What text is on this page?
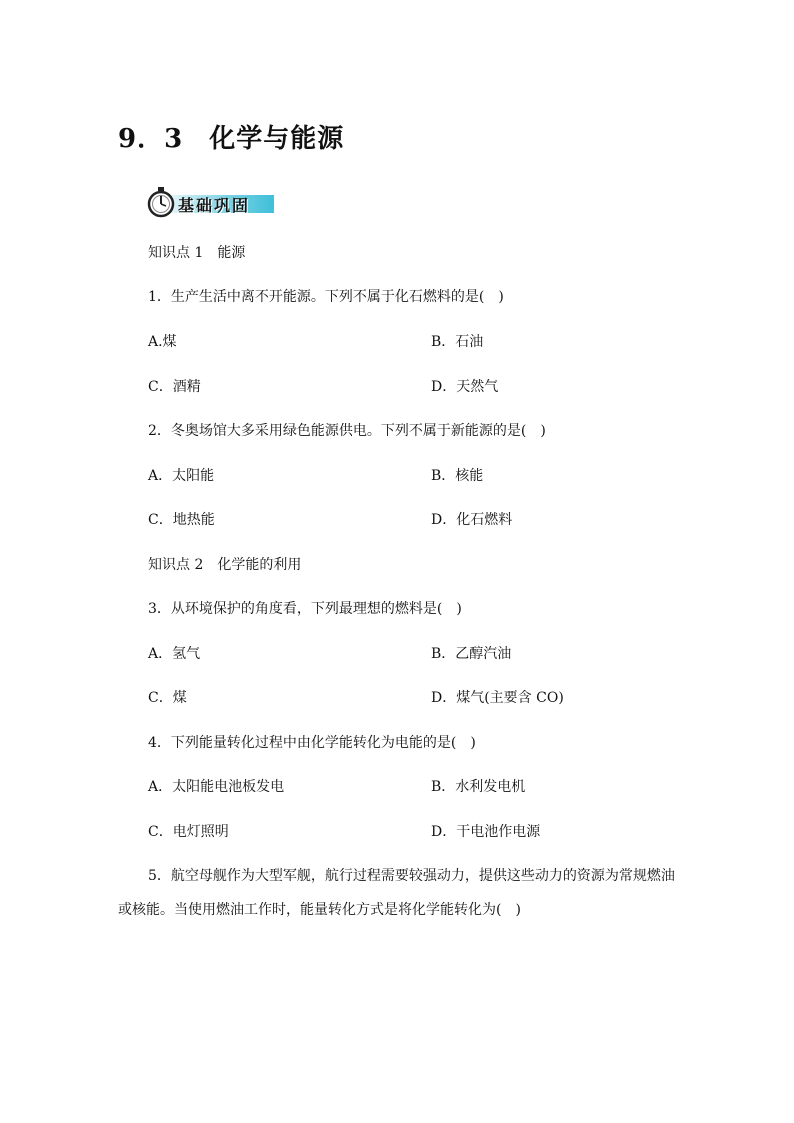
9．3 化学与能源
基础巩固
知识点 1　能源
1．生产生活中离不开能源。下列不属于化石燃料的是(　)
A.煤	B．石油
C．酒精	D．天然气
2．冬奥场馆大多采用绿色能源供电。下列不属于新能源的是(　)
A．太阳能	B．核能
C．地热能	D．化石燃料
知识点 2　化学能的利用
3．从环境保护的角度看，下列最理想的燃料是(　)
A．氢气	B．乙醇汽油
C．煤	D．煤气(主要含 CO)
4．下列能量转化过程中由化学能转化为电能的是(　)
A．太阳能电池板发电	B．水利发电机
C．电灯照明	D．干电池作电源
5．航空母舰作为大型军舰，航行过程需要较强动力，提供这些动力的资源为常规燃油
或核能。当使用燃油工作时，能量转化方式是将化学能转化为(　)
